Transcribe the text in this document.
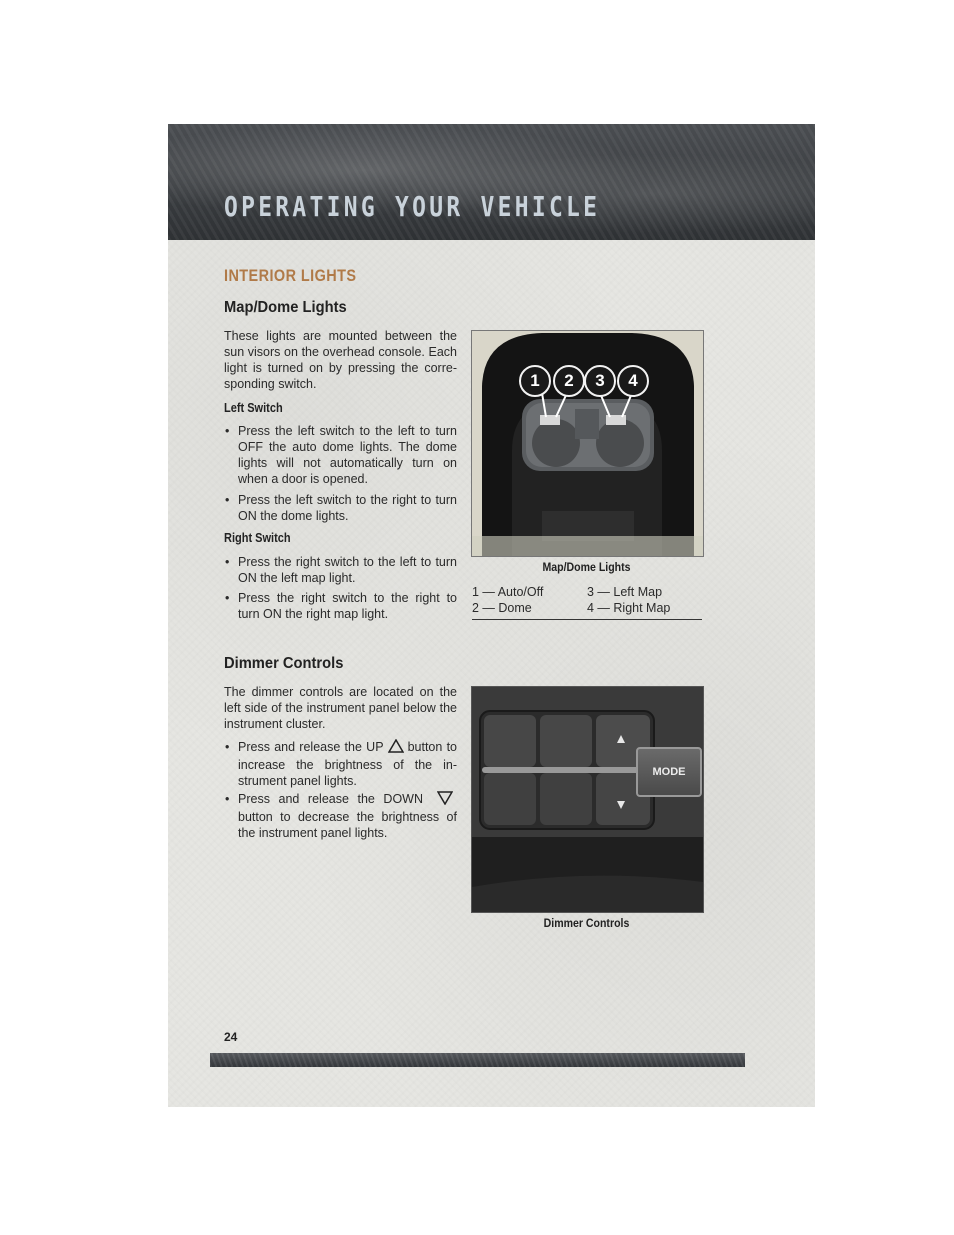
OPERATING YOUR VEHICLE
INTERIOR LIGHTS
Map/Dome Lights
These lights are mounted between the sun visors on the overhead console. Each light is turned on by pressing the corre-sponding switch.
Left Switch
• Press the left switch to the left to turn OFF the auto dome lights. The dome lights will not automatically turn on when a door is opened.
• Press the left switch to the right to turn ON the dome lights.
Right Switch
• Press the right switch to the left to turn ON the left map light.
• Press the right switch to the right to turn ON the right map light.
1	2	3	4
Map/Dome Lights
1 — Auto/Off	3 — Left Map
2 — Dome	4 — Right Map
Dimmer Controls
The dimmer controls are located on the left side of the instrument panel below the instrument cluster.
• Press and release the UP button to increase the brightness of the in-strument panel lights.
• Press and release the DOWNbutton to decrease the brightness of the instrument panel lights.
MODE
Dimmer Controls
24
